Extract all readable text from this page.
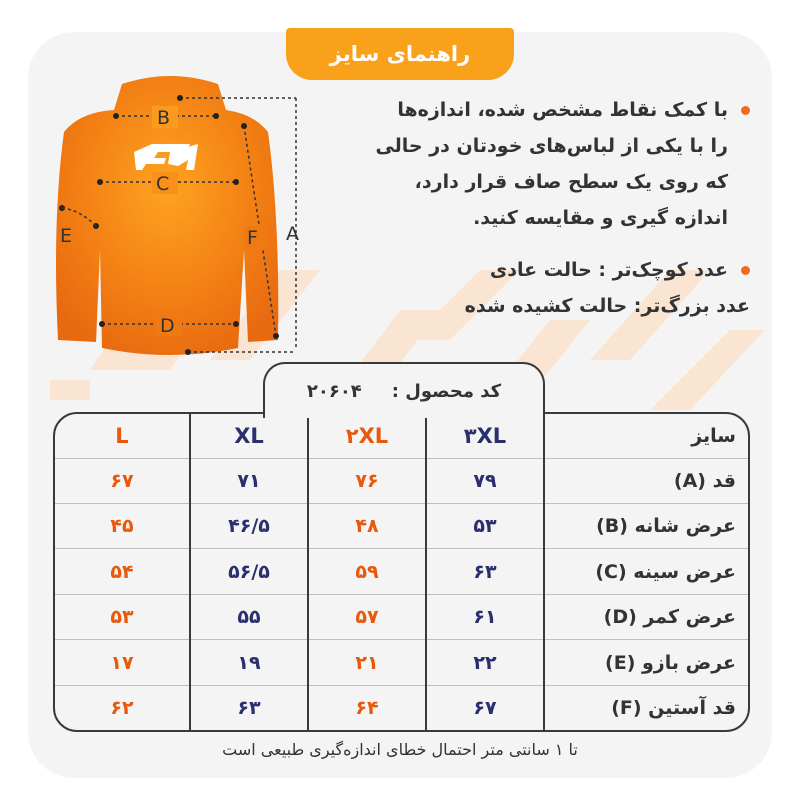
راهنمای سایز
B
C
D
E	F A
با کمک نقاط مشخص شده، اندازه‌ها
را با یکی از لباس‌های خودتان در حالی
که روی یک سطح صاف قرار دارد،
اندازه گیری و مقایسه کنید.
عدد کوچک‌تر : حالت عادی
عدد بزرگ‌تر: حالت کشیده شده
سایز	۳XL	۲XL	XL	L
قد (A)	۷۹	۷۶	۷۱	۶۷
عرض شانه (B)	۵۳	۴۸	۴۶/۵	۴۵
عرض سینه (C)	۶۳	۵۹	۵۶/۵	۵۴
عرض کمر (D)	۶۱	۵۷	۵۵	۵۳
عرض بازو (E)	۲۲	۲۱	۱۹	۱۷
قد آستین (F)	۶۷	۶۴	۶۳	۶۲
کد محصول :
۲۰۶۰۴
تا ۱ سانتی متر احتمال خطای اندازه‌گیری طبیعی است
